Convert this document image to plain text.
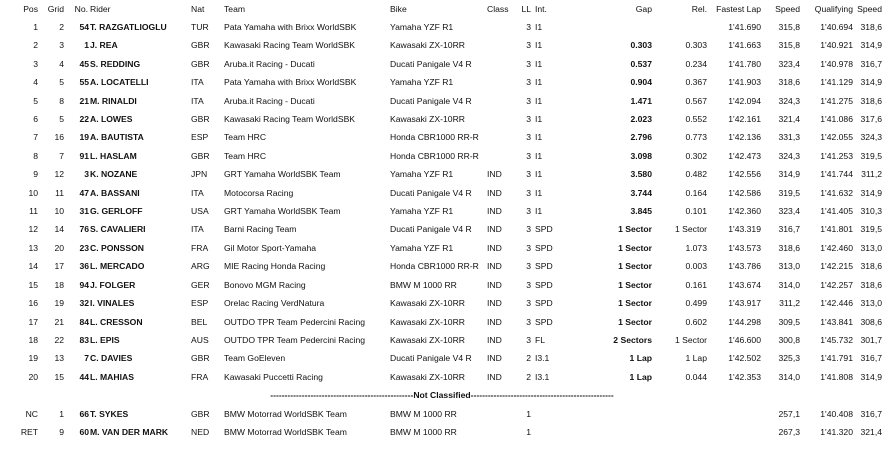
Pos	Grid	No.	Rider	Nat	Team	Bike	Class	LL	Int.	Gap	Rel.	Fastest Lap	Speed	Qualifying	Speed
1	2	54	T. RAZGATLIOGLU	TUR	Pata Yamaha with Brixx WorldSBK	Yamaha YZF R1		3	I1			1'41.690	315,8	1'40.694	318,6
2	3	1	J. REA	GBR	Kawasaki Racing Team WorldSBK	Kawasaki ZX-10RR		3	I1	0.303	0.303	1'41.663	315,8	1'40.921	314,9
3	4	45	S. REDDING	GBR	Aruba.it Racing - Ducati	Ducati Panigale V4 R		3	I1	0.537	0.234	1'41.780	323,4	1'40.978	316,7
4	5	55	A. LOCATELLI	ITA	Pata Yamaha with Brixx WorldSBK	Yamaha YZF R1		3	I1	0.904	0.367	1'41.903	318,6	1'41.129	314,9
5	8	21	M. RINALDI	ITA	Aruba.it Racing - Ducati	Ducati Panigale V4 R		3	I1	1.471	0.567	1'42.094	324,3	1'41.275	318,6
6	5	22	A. LOWES	GBR	Kawasaki Racing Team WorldSBK	Kawasaki ZX-10RR		3	I1	2.023	0.552	1'42.161	321,4	1'41.086	317,6
7	16	19	A. BAUTISTA	ESP	Team HRC	Honda CBR1000 RR-R		3	I1	2.796	0.773	1'42.136	331,3	1'42.055	324,3
8	7	91	L. HASLAM	GBR	Team HRC	Honda CBR1000 RR-R		3	I1	3.098	0.302	1'42.473	324,3	1'41.253	319,5
9	12	3	K. NOZANE	JPN	GRT Yamaha WorldSBK Team	Yamaha YZF R1	IND	3	I1	3.580	0.482	1'42.556	314,9	1'41.744	311,2
10	11	47	A. BASSANI	ITA	Motocorsa Racing	Ducati Panigale V4 R	IND	3	I1	3.744	0.164	1'42.586	319,5	1'41.632	314,9
11	10	31	G. GERLOFF	USA	GRT Yamaha WorldSBK Team	Yamaha YZF R1	IND	3	I1	3.845	0.101	1'42.360	323,4	1'41.405	310,3
12	14	76	S. CAVALIERI	ITA	Barni Racing Team	Ducati Panigale V4 R	IND	3	SPD	1 Sector	1 Sector	1'43.319	316,7	1'41.801	319,5
13	20	23	C. PONSSON	FRA	Gil Motor Sport-Yamaha	Yamaha YZF R1	IND	3	SPD	1 Sector	1.073	1'43.573	318,6	1'42.460	313,0
14	17	36	L. MERCADO	ARG	MIE Racing Honda Racing	Honda CBR1000 RR-R	IND	3	SPD	1 Sector	0.003	1'43.786	313,0	1'42.215	318,6
15	18	94	J. FOLGER	GER	Bonovo MGM Racing	BMW M 1000 RR	IND	3	SPD	1 Sector	0.161	1'43.674	314,0	1'42.257	318,6
16	19	32	I. VINALES	ESP	Orelac Racing VerdNatura	Kawasaki ZX-10RR	IND	3	SPD	1 Sector	0.499	1'43.917	311,2	1'42.446	313,0
17	21	84	L. CRESSON	BEL	OUTDO TPR Team Pedercini Racing	Kawasaki ZX-10RR	IND	3	SPD	1 Sector	0.602	1'44.298	309,5	1'43.841	308,6
18	22	83	L. EPIS	AUS	OUTDO TPR Team Pedercini Racing	Kawasaki ZX-10RR	IND	3	FL	2 Sectors	1 Sector	1'46.600	300,8	1'45.732	301,7
19	13	7	C. DAVIES	GBR	Team GoEleven	Ducati Panigale V4 R	IND	2	I3.1	1 Lap	1 Lap	1'42.502	325,3	1'41.791	316,7
20	15	44	L. MAHIAS	FRA	Kawasaki Puccetti Racing	Kawasaki ZX-10RR	IND	2	I3.1	1 Lap	0.044	1'42.353	314,0	1'41.808	314,9
--------------------------------------------------Not Classified--------------------------------------------------															
NC	1	66	T. SYKES	GBR	BMW Motorrad WorldSBK Team	BMW M 1000 RR		1					257,1	1'40.408	316,7
RET	9	60	M. VAN DER MARK	NED	BMW Motorrad WorldSBK Team	BMW M 1000 RR		1					267,3	1'41.320	321,4
